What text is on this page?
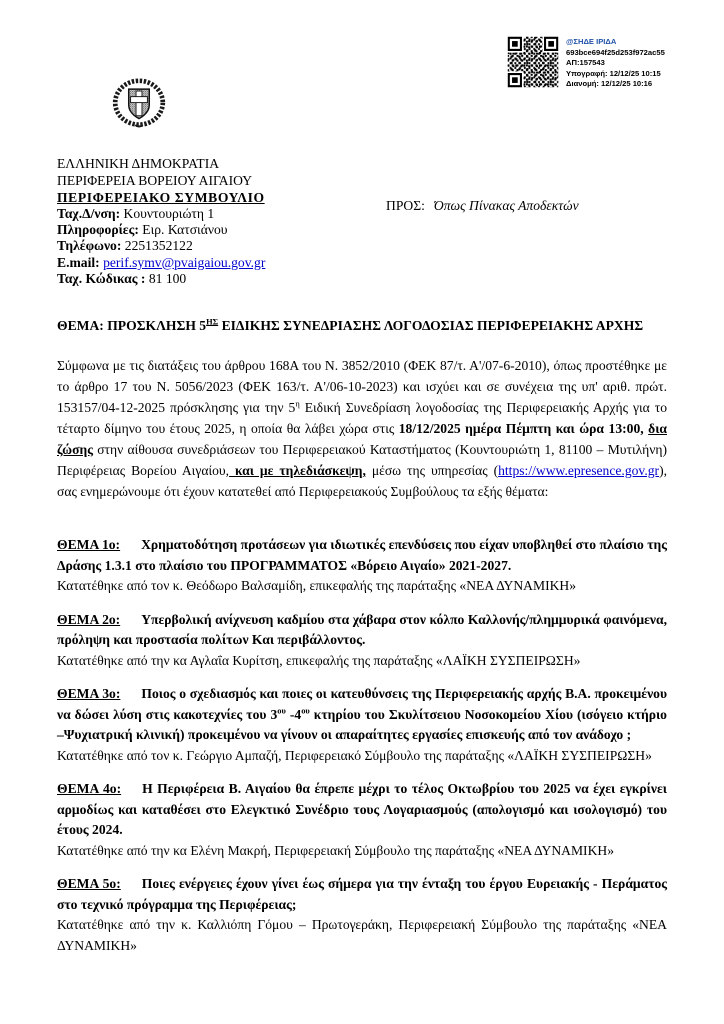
@ΣΗΔΕ ΙΡΙΔΑ
693bce694f25d253f972ac55
ΑΠ:157543
Υπογραφή: 12/12/25 10:15
Διανομή: 12/12/25 10:16
ΕΛΛΗΝΙΚΗ ΔΗΜΟΚΡΑΤΙΑ
ΠΕΡΙΦΕΡΕΙΑ ΒΟΡΕΙΟΥ ΑΙΓΑΙΟΥ
ΠΕΡΙΦΕΡΕΙΑΚΟ ΣΥΜΒΟΥΛΙΟ
Ταχ.Δ/νση: Κουντουριώτη 1
Πληροφορίες: Ειρ. Κατσιάνου
Τηλέφωνο: 2251352122
E.mail: perif.symv@pvaigaiou.gov.gr
Ταχ. Κώδικας : 81 100
ΠΡΟΣ: Όπως Πίνακας Αποδεκτών

ΘΕΜΑ: ΠΡΟΣΚΛΗΣΗ $5^{H\Sigma}$ ΕΙΔΙΚΗΣ ΣΥΝΕΔΡΙΑΣΗΣ ΛΟΓΟΔΟΣΙΑΣ ΠΕΡΙΦΕΡΕΙΑΚΗΣ ΑΡΧΗΣ

Σύμφωνα με τις διατάξεις του άρθρου 168Α του Ν. 3852/2010 (ΦΕΚ 87/τ. Α'/07-6-2010), όπως προστέθηκε με το άρθρο 17 του Ν. 5056/2023 (ΦΕΚ 163/τ. Α'/06-10-2023) και ισχύει και σε συνέχεια της υπ' αριθ. πρώτ. 153157/04-12-2025 πρόσκλησης για την $5^\eta$ Ειδική Συνεδρίαση λογοδοσίας της Περιφερειακής Αρχής για το τέταρτο δίμηνο του έτους 2025, η οποία θα λάβει χώρα στις 18/12/2025 ημέρα Πέμπτη και ώρα 13:00, δια ζώσης στην αίθουσα συνεδριάσεων του Περιφερειακού Καταστήματος (Κουντουριώτη 1, 81100 – Μυτιλήνη) Περιφέρειας Βορείου Αιγαίου, και με τηλεδιάσκεψη, μέσω της υπηρεσίας (https://www.epresence.gov.gr), σας ενημερώνουμε ότι έχουν κατατεθεί από Περιφερειακούς Συμβούλους τα εξής θέματα:

ΘΕΜΑ 1ο: Χρηματοδότηση προτάσεων για ιδιωτικές επενδύσεις που είχαν υποβληθεί στο πλαίσιο της Δράσης 1.3.1 στο πλαίσιο του ΠΡΟΓΡΑΜΜΑΤΟΣ «Βόρειο Αιγαίο» 2021-2027.

Κατατέθηκε από τον κ. Θεόδωρο Βαλσαμίδη, επικεφαλής της παράταξης «ΝΕΑ ΔΥΝΑΜΙΚΗ»

ΘΕΜΑ 2ο: Υπερβολική ανίχνευση καδμίου στα χάβαρα στον κόλπο Καλλονής/πλημμυρικά φαινόμενα, πρόληψη και προστασία πολίτων Και περιβάλλοντος.

Κατατέθηκε από την κα Αγλαΐα Κυρίτση, επικεφαλής της παράταξης «ΛΑΪΚΗ ΣΥΣΠΕΙΡΩΣΗ»

ΘΕΜΑ 3ο: Ποιος ο σχεδιασμός και ποιες οι κατευθύνσεις της Περιφερειακής αρχής Β.Α. προκειμένου να δώσει λύση στις κακοτεχνίες του $3^{o\upsilon}$ $-4^{o\upsilon}$ κτηρίου του Σκυλίτσειου Νοσοκομείου Χίου (ισόγειο κτήριο –Ψυχιατρική κλινική) προκειμένου να γίνουν οι απαραίτητες εργασίες επισκευής από τον ανάδοχο ;

Κατατέθηκε από τον κ. Γεώργιο Αμπαζή, Περιφερειακό Σύμβουλο της παράταξης «ΛΑΪΚΗ ΣΥΣΠΕΙΡΩΣΗ»

ΘΕΜΑ 4ο: Η Περιφέρεια Β. Αιγαίου θα έπρεπε μέχρι το τέλος Οκτωβρίου του 2025 να έχει εγκρίνει αρμοδίως και καταθέσει στο Ελεγκτικό Συνέδριο τους Λογαριασμούς (απολογισμό και ισολογισμό) του έτους 2024.

Κατατέθηκε από την κα Ελένη Μακρή, Περιφερειακή Σύμβουλο της παράταξης «ΝΕΑ ΔΥΝΑΜΙΚΗ»

ΘΕΜΑ 5ο: Ποιες ενέργειες έχουν γίνει έως σήμερα για την ένταξη του έργου Ευρειακής - Περάματος στο τεχνικό πρόγραμμα της Περιφέρειας;

Κατατέθηκε από την κ. Καλλιόπη Γόμου – Πρωτογεράκη, Περιφερειακή Σύμβουλο της παράταξης «ΝΕΑ ΔΥΝΑΜΙΚΗ»
